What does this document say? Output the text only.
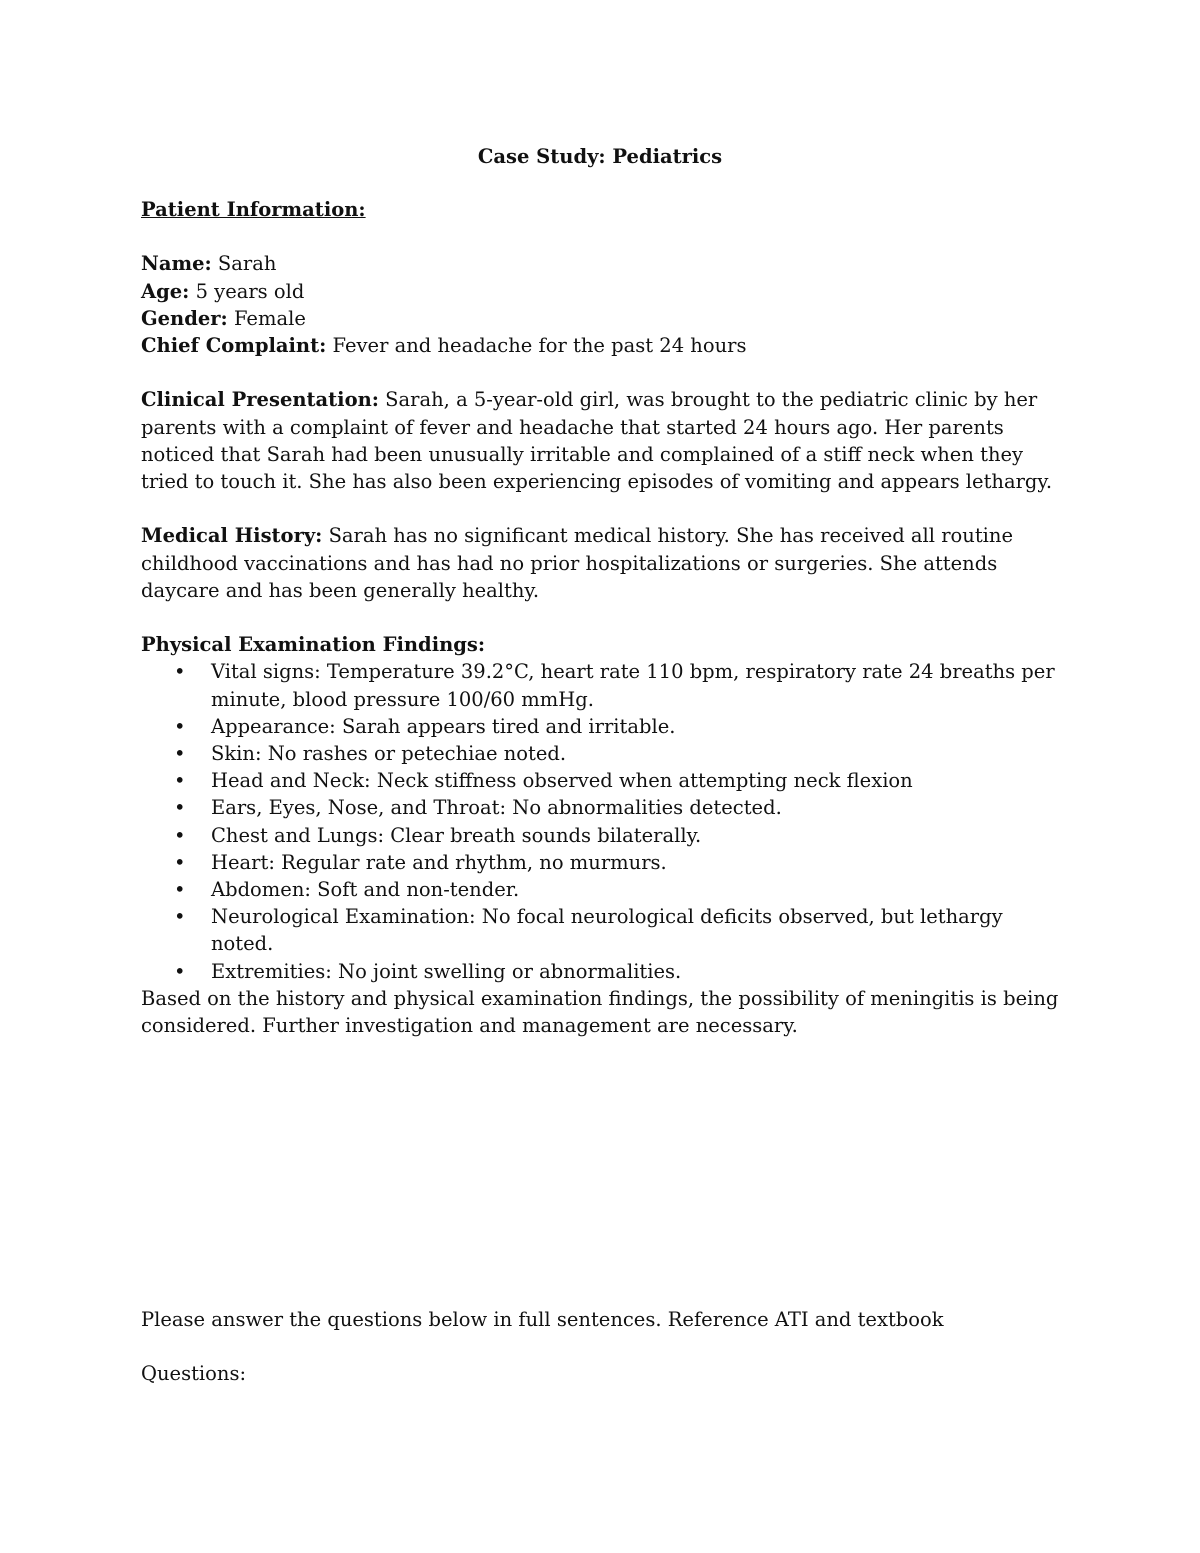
Case Study: Pediatrics

Patient Information:

Name: Sarah

Age: 5 years old

Gender: Female

Chief Complaint: Fever and headache for the past 24 hours

Clinical Presentation: Sarah, a 5-year-old girl, was brought to the pediatric clinic by her parents with a complaint of fever and headache that started 24 hours ago. Her parents noticed that Sarah had been unusually irritable and complained of a stiff neck when they tried to touch it. She has also been experiencing episodes of vomiting and appears lethargy.

Medical History: Sarah has no significant medical history. She has received all routine childhood vaccinations and has had no prior hospitalizations or surgeries. She attends daycare and has been generally healthy.

Physical Examination Findings:

• Vital signs: Temperature 39.2°C, heart rate 110 bpm, respiratory rate 24 breaths per minute, blood pressure 100/60 mmHg.
• Appearance: Sarah appears tired and irritable.
• Skin: No rashes or petechiae noted.
• Head and Neck: Neck stiffness observed when attempting neck flexion
• Ears, Eyes, Nose, and Throat: No abnormalities detected.
• Chest and Lungs: Clear breath sounds bilaterally.
• Heart: Regular rate and rhythm, no murmurs.
• Abdomen: Soft and non-tender.
• Neurological Examination: No focal neurological deficits observed, but lethargy noted.
• Extremities: No joint swelling or abnormalities.

Based on the history and physical examination findings, the possibility of meningitis is being considered. Further investigation and management are necessary.

Please answer the questions below in full sentences. Reference ATI and textbook

Questions:
